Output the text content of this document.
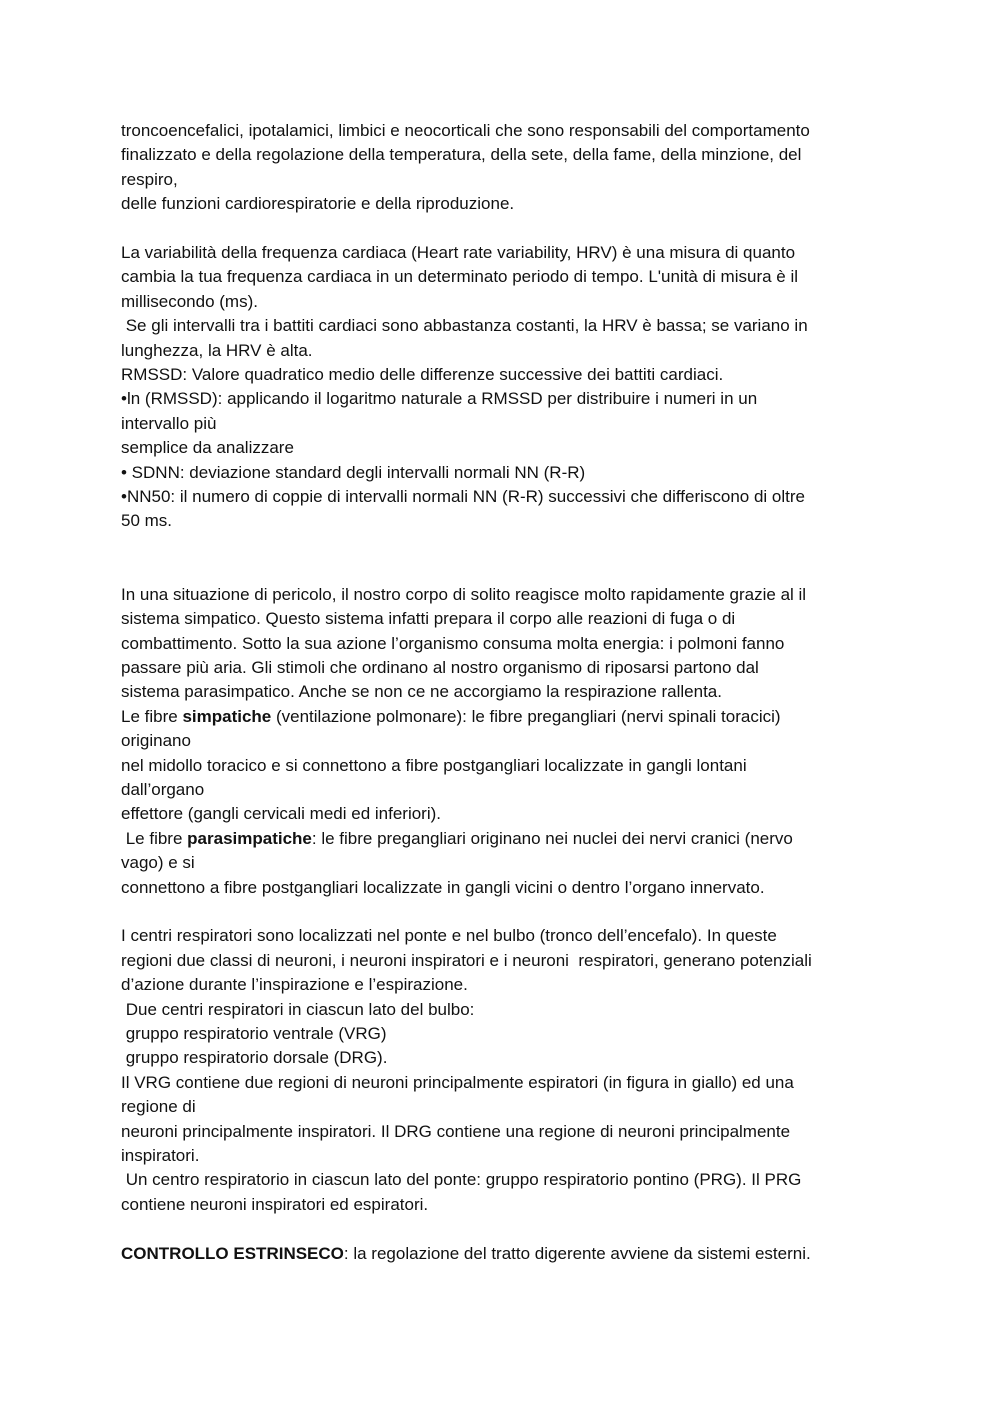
troncoencefalici, ipotalamici, limbici e neocorticali che sono responsabili del comportamento
finalizzato e della regolazione della temperatura, della sete, della fame, della minzione, del
respiro,
delle funzioni cardiorespiratorie e della riproduzione.
La variabilità della frequenza cardiaca (Heart rate variability, HRV) è una misura di quanto
cambia la tua frequenza cardiaca in un determinato periodo di tempo. L'unità di misura è il
millisecondo (ms).
Se gli intervalli tra i battiti cardiaci sono abbastanza costanti, la HRV è bassa; se variano in
lunghezza, la HRV è alta.
RMSSD: Valore quadratico medio delle differenze successive dei battiti cardiaci.
•ln (RMSSD): applicando il logaritmo naturale a RMSSD per distribuire i numeri in un
intervallo più
semplice da analizzare
• SDNN: deviazione standard degli intervalli normali NN (R-R)
•NN50: il numero di coppie di intervalli normali NN (R-R) successivi che differiscono di oltre
50 ms.
In una situazione di pericolo, il nostro corpo di solito reagisce molto rapidamente grazie al il
sistema simpatico. Questo sistema infatti prepara il corpo alle reazioni di fuga o di
combattimento. Sotto la sua azione l’organismo consuma molta energia: i polmoni fanno
passare più aria. Gli stimoli che ordinano al nostro organismo di riposarsi partono dal
sistema parasimpatico. Anche se non ce ne accorgiamo la respirazione rallenta.
Le fibre simpatiche (ventilazione polmonare): le fibre pregangliari (nervi spinali toracici)
originano
nel midollo toracico e si connettono a fibre postgangliari localizzate in gangli lontani
dall’organo
effettore (gangli cervicali medi ed inferiori).
Le fibre parasimpatiche: le fibre pregangliari originano nei nuclei dei nervi cranici (nervo
vago) e si
connettono a fibre postgangliari localizzate in gangli vicini o dentro l’organo innervato.
I centri respiratori sono localizzati nel ponte e nel bulbo (tronco dell’encefalo). In queste
regioni due classi di neuroni, i neuroni inspiratori e i neuroni  respiratori, generano potenziali
d’azione durante l’inspirazione e l’espirazione.
Due centri respiratori in ciascun lato del bulbo:
gruppo respiratorio ventrale (VRG)
gruppo respiratorio dorsale (DRG).
Il VRG contiene due regioni di neuroni principalmente espiratori (in figura in giallo) ed una
regione di
neuroni principalmente inspiratori. Il DRG contiene una regione di neuroni principalmente
inspiratori.
Un centro respiratorio in ciascun lato del ponte: gruppo respiratorio pontino (PRG). Il PRG
contiene neuroni inspiratori ed espiratori.
CONTROLLO ESTRINSECO: la regolazione del tratto digerente avviene da sistemi esterni.
